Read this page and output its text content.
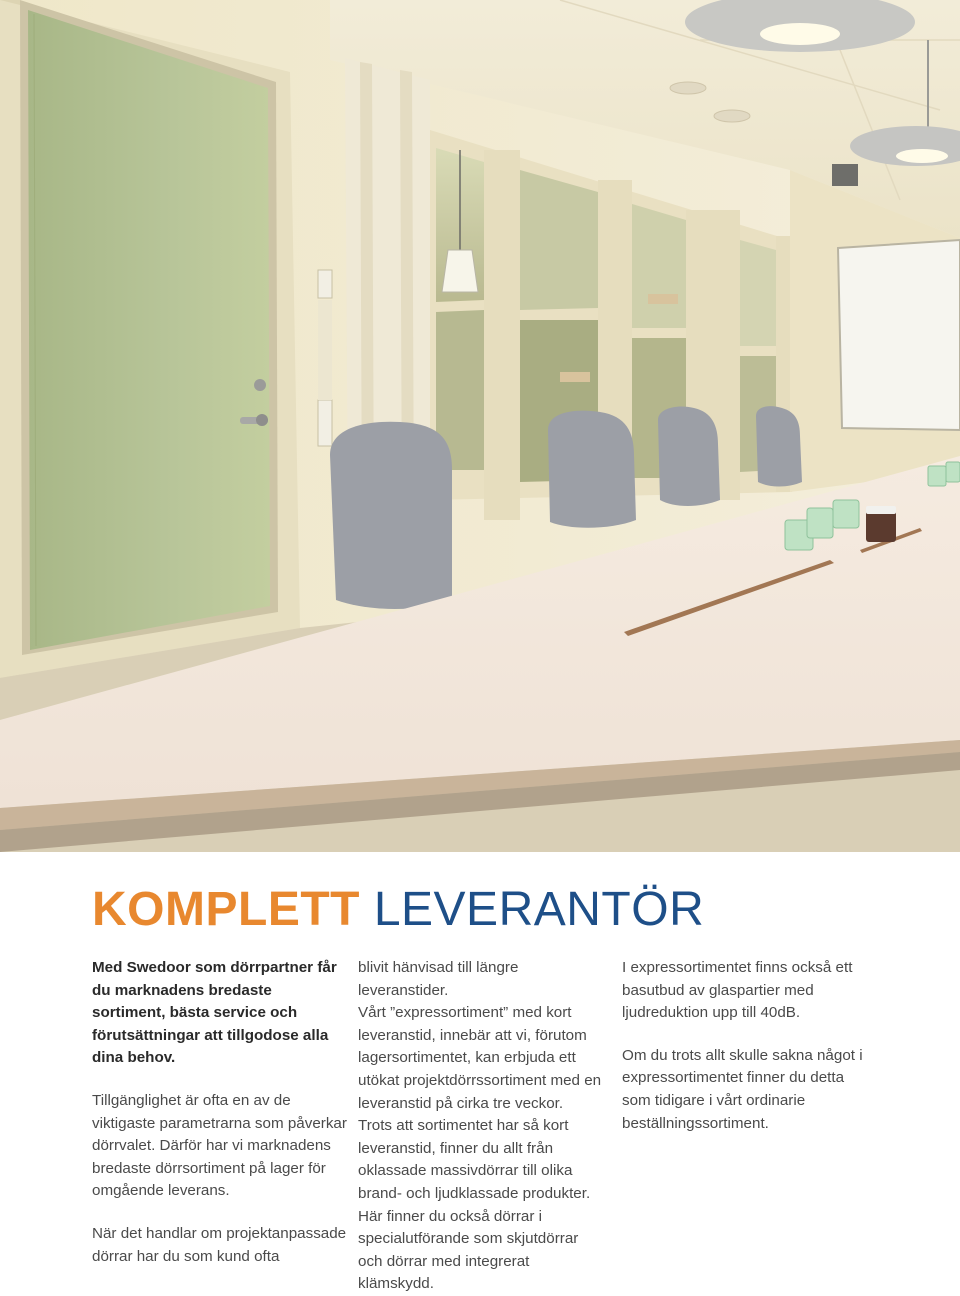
KOMPLETT LEVERANTÖR

Med Swedoor som dörrpartner får du marknadens bredaste sortiment, bästa service och förutsättningar att tillgodose alla dina behov.

Tillgänglighet är ofta en av de viktigaste parametrarna som påverkar dörrvalet. Därför har vi marknadens bredaste dörrsortiment på lager för omgående leverans.

När det handlar om projektanpassade dörrar har du som kund ofta

blivit hänvisad till längre leveranstider.

Vårt ”expressortiment” med kort leveranstid, innebär att vi, förutom lagersortimentet, kan erbjuda ett utökat projektdörrssortiment med en leveranstid på cirka tre veckor.

Trots att sortimentet har så kort leveranstid, finner du allt från oklassade massivdörrar till olika brand- och ljudklassade produkter. Här finner du också dörrar i specialutförande som skjutdörrar och dörrar med integrerat klämskydd.

I expressortimentet finns också ett basutbud av glaspartier med ljudreduktion upp till 40dB.

Om du trots allt skulle sakna något i expressortimentet finner du detta som tidigare i vårt ordinarie beställningssortiment.
